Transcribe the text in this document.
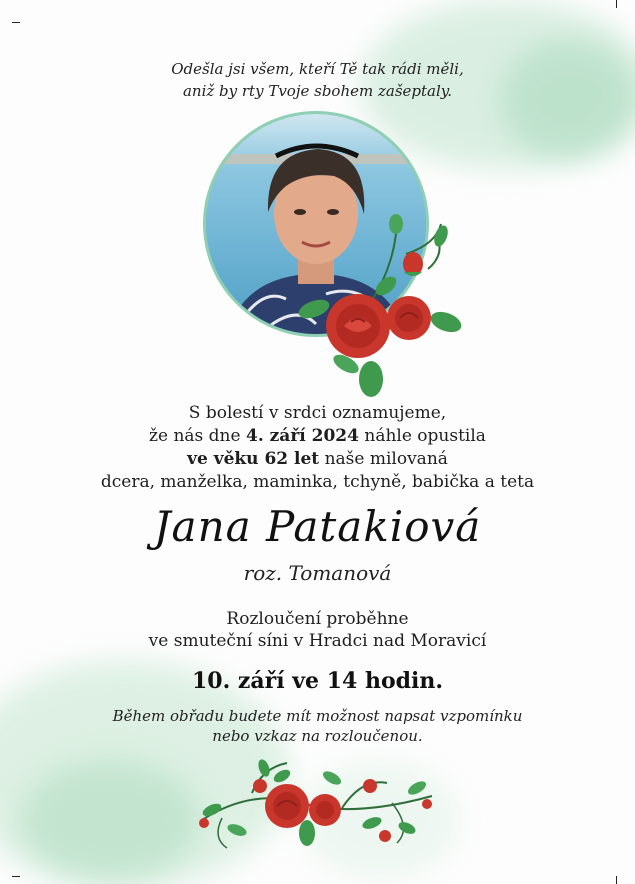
Odešla jsi všem, kteří Tě tak rádi měli,
aniž by rty Tvoje sbohem zašeptaly.
S bolestí v srdci oznamujeme,
že nás dne 4. září 2024 náhle opustila
ve věku 62 let naše milovaná
dcera, manželka, maminka, tchyně, babička a teta
Jana Patakiová
roz. Tomanová
Rozloučení proběhne
ve smuteční síni v Hradci nad Moravicí
10. září ve 14 hodin.
Během obřadu budete mít možnost napsat vzpomínku
nebo vzkaz na rozloučenou.
